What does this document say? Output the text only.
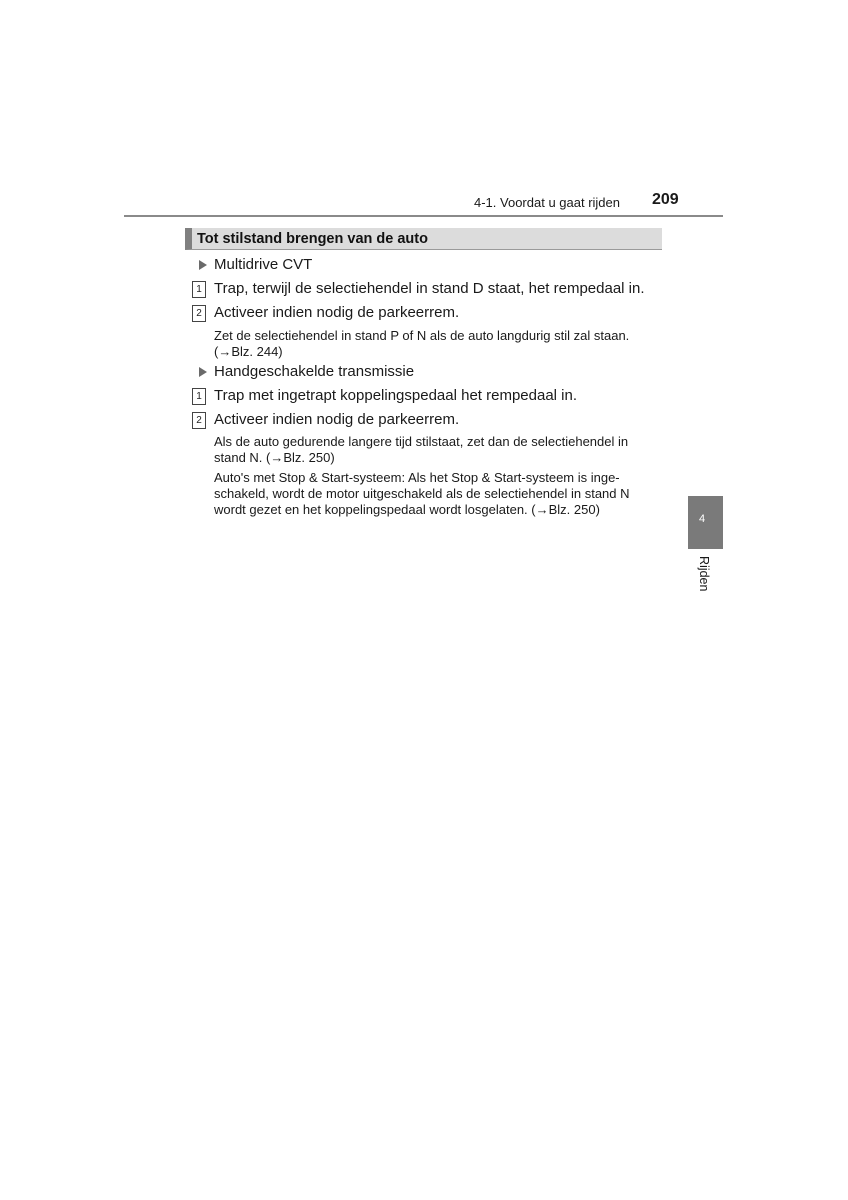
4-1. Voordat u gaat rijden 209
Tot stilstand brengen van de auto
Multidrive CVT
1 Trap, terwijl de selectiehendel in stand D staat, het rempedaal in.
2 Activeer indien nodig de parkeerrem.
Zet de selectiehendel in stand P of N als de auto langdurig stil zal staan.
(→Blz. 244)
Handgeschakelde transmissie
1 Trap met ingetrapt koppelingspedaal het rempedaal in.
2 Activeer indien nodig de parkeerrem.
Als de auto gedurende langere tijd stilstaat, zet dan de selectiehendel in
stand N. (→Blz. 250)
Auto's met Stop & Start-systeem: Als het Stop & Start-systeem is inge-
schakeld, wordt de motor uitgeschakeld als de selectiehendel in stand N
wordt gezet en het koppelingspedaal wordt losgelaten. (→Blz. 250)
4
Rijden
